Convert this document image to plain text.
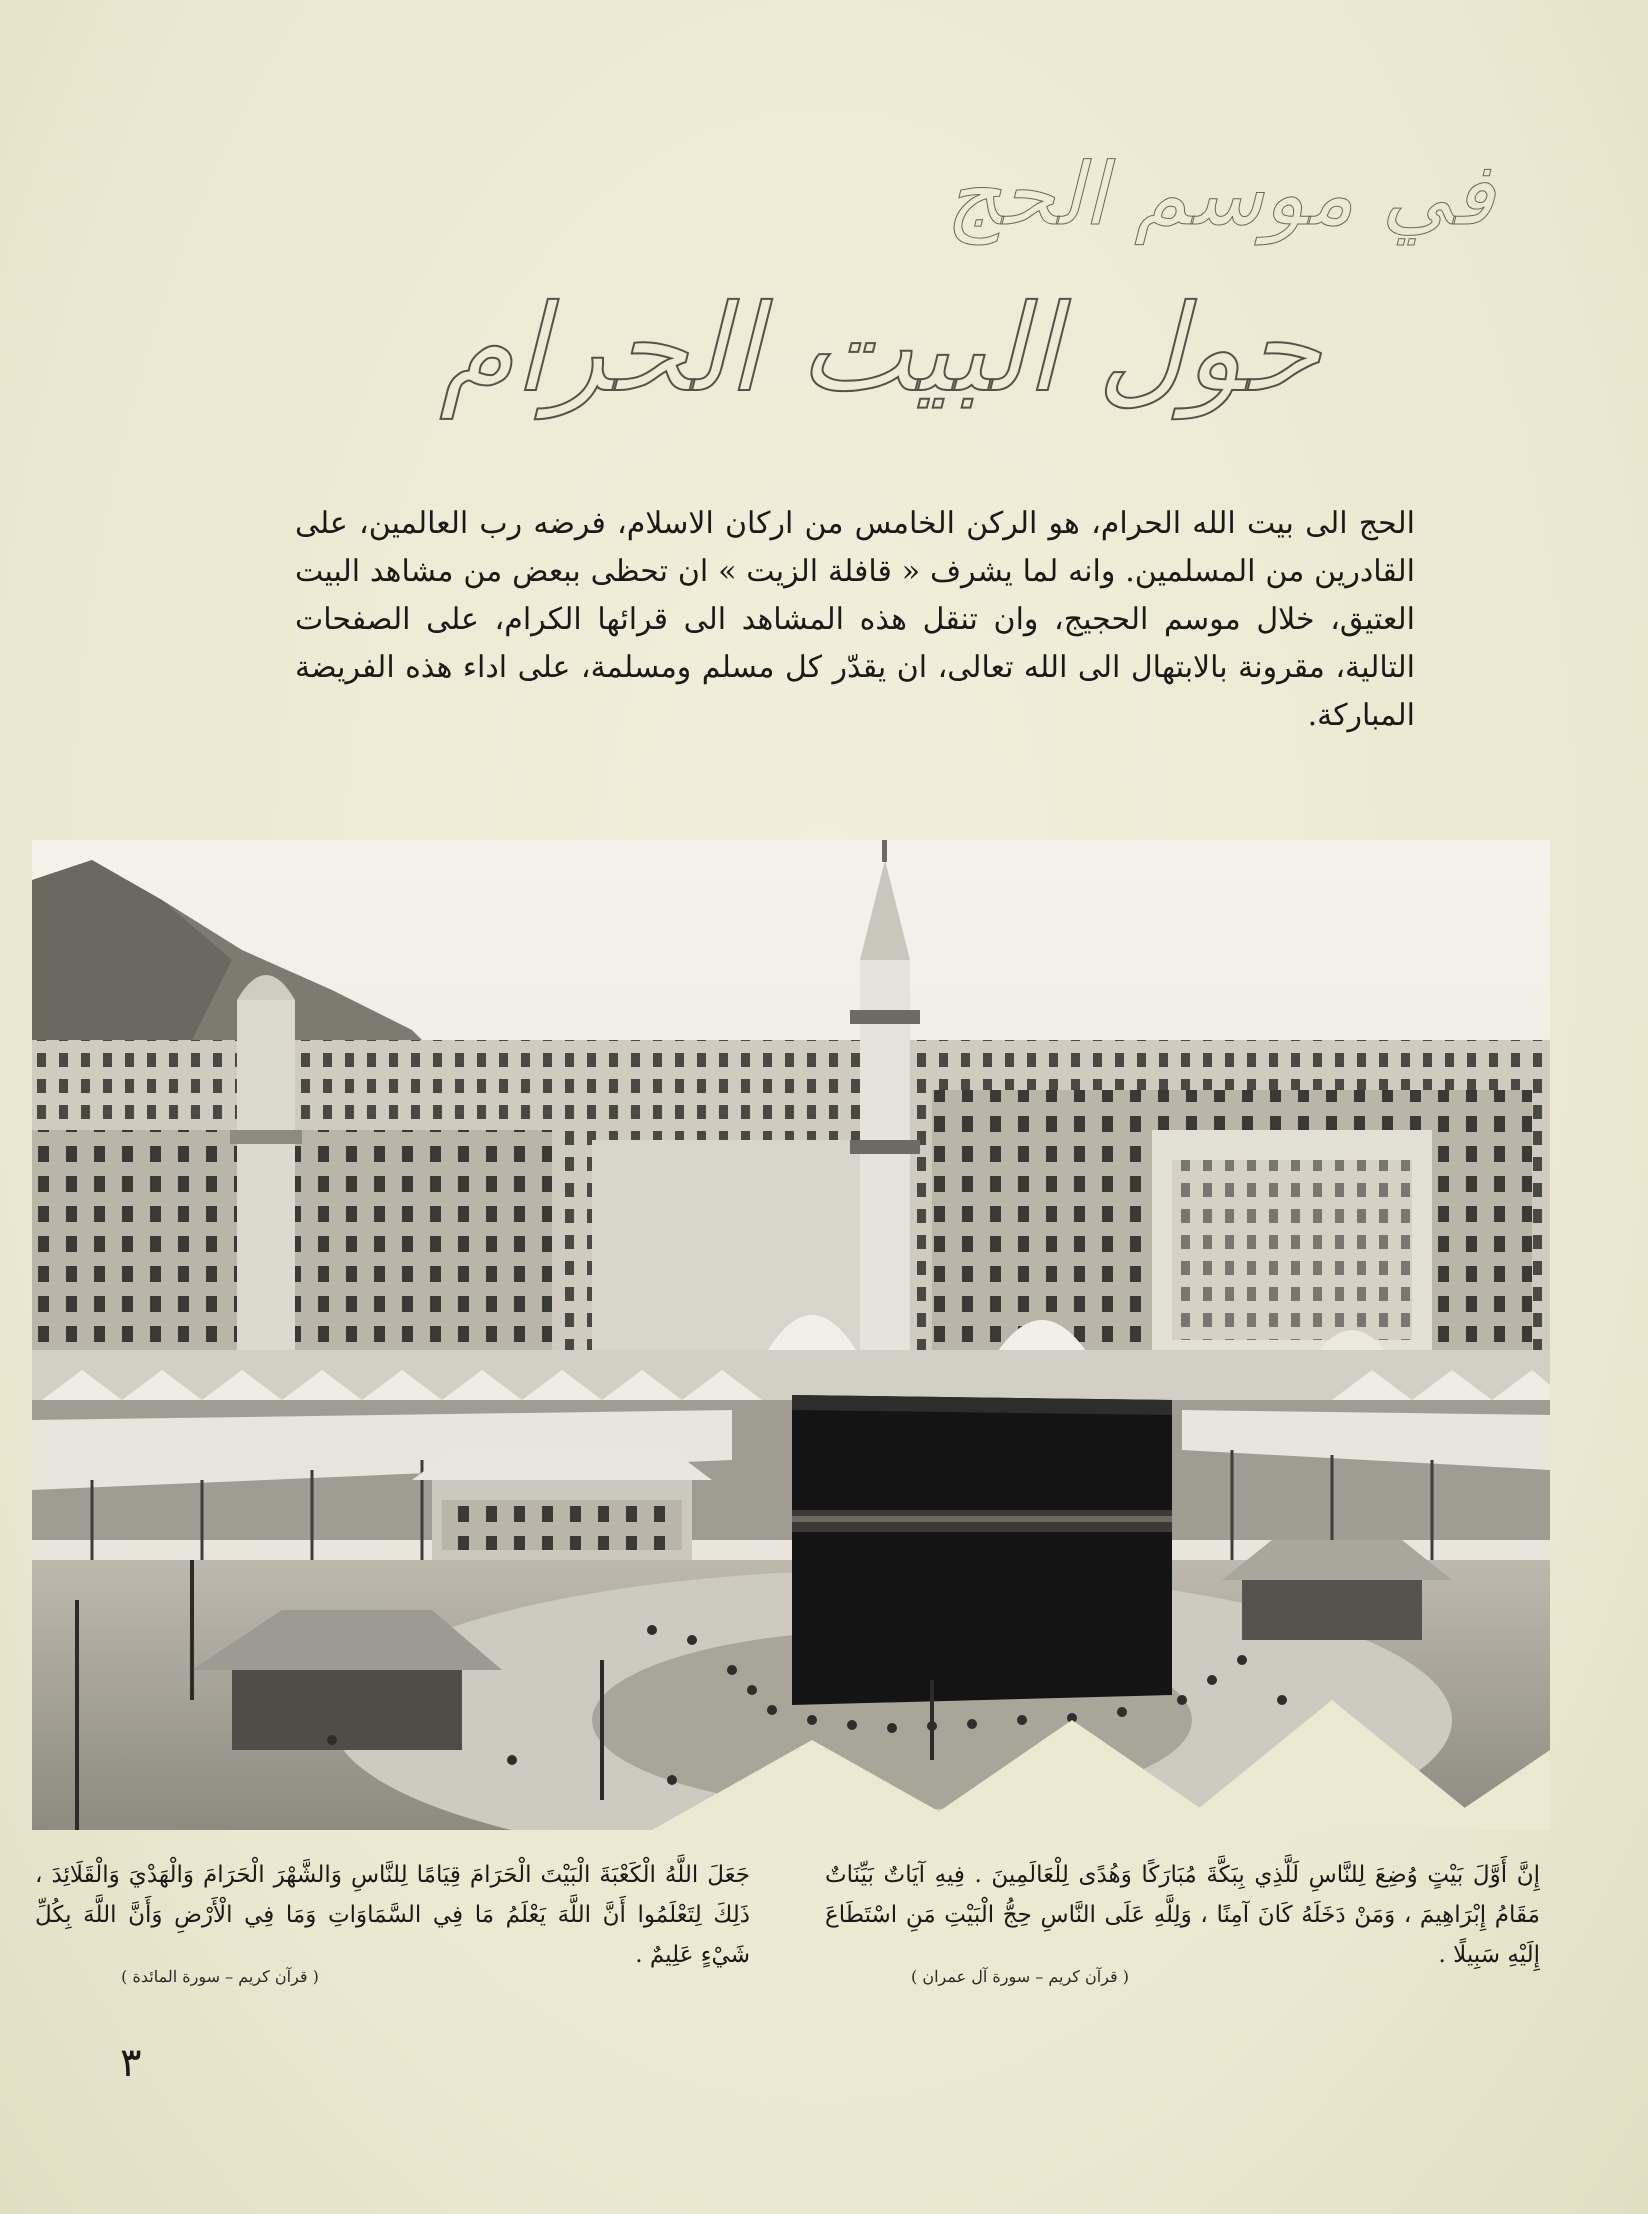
في موسم الحج
حول البيت الحرام
الحج الى بيت الله الحرام، هو الركن الخامس من اركان الاسلام، فرضه رب العالمين، على القادرين من المسلمين. وانه لما يشرف « قافلة الزيت » ان تحظى ببعض من مشاهد البيت العتيق، خلال موسم الحجيج، وان تنقل هذه المشاهد الى قرائها الكرام، على الصفحات التالية، مقرونة بالابتهال الى الله تعالى، ان يقدّر كل مسلم ومسلمة، على اداء هذه الفريضة المباركة.
إِنَّ أَوَّلَ بَيْتٍ وُضِعَ لِلنَّاسِ لَلَّذِي بِبَكَّةَ مُبَارَكًا وَهُدًى لِلْعَالَمِينَ . فِيهِ آيَاتٌ بَيِّنَاتٌ مَقَامُ إِبْرَاهِيمَ ، وَمَنْ دَخَلَهُ كَانَ آمِنًا ، وَلِلَّهِ عَلَى النَّاسِ حِجُّ الْبَيْتِ مَنِ اسْتَطَاعَ إِلَيْهِ سَبِيلًا .
( قرآن كريم – سورة آل عمران )
جَعَلَ اللَّهُ الْكَعْبَةَ الْبَيْتَ الْحَرَامَ قِيَامًا لِلنَّاسِ وَالشَّهْرَ الْحَرَامَ وَالْهَدْيَ وَالْقَلَائِدَ ، ذَلِكَ لِتَعْلَمُوا أَنَّ اللَّهَ يَعْلَمُ مَا فِي السَّمَاوَاتِ وَمَا فِي الْأَرْضِ وَأَنَّ اللَّهَ بِكُلِّ شَيْءٍ عَلِيمٌ .
( قرآن كريم – سورة المائدة )
٣
